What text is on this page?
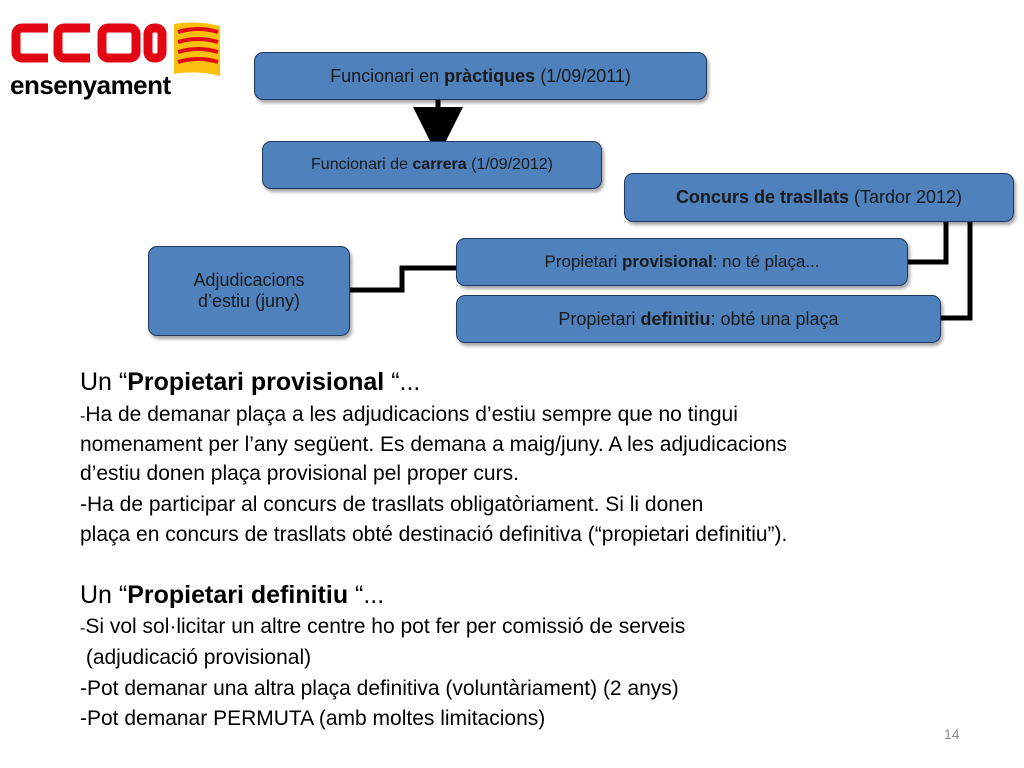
ensenyament	Funcionari en pràctiques (1/09/2011)
Funcionari de carrera (1/09/2012)
Concurs de trasllats (Tardor 2012)
Propietari provisional: no té plaça...
Propietari definitiu: obté una plaça
Adjudicacions
d’estiu (juny)
Un “Propietari provisional “...
-Ha de demanar plaça a les adjudicacions d’estiu sempre que no tingui
nomenament per l’any següent. Es demana a maig/juny. A les adjudicacions
d’estiu donen plaça provisional pel proper curs.
-Ha de participar al concurs de trasllats obligatòriament. Si li donen
plaça en concurs de trasllats obté destinació definitiva (“propietari definitiu”).
Un “Propietari definitiu “...
-Si vol sol·licitar un altre centre ho pot fer per comissió de serveis
(adjudicació provisional)
-Pot demanar una altra plaça definitiva (voluntàriament) (2 anys)
-Pot demanar PERMUTA (amb moltes limitacions)
14
